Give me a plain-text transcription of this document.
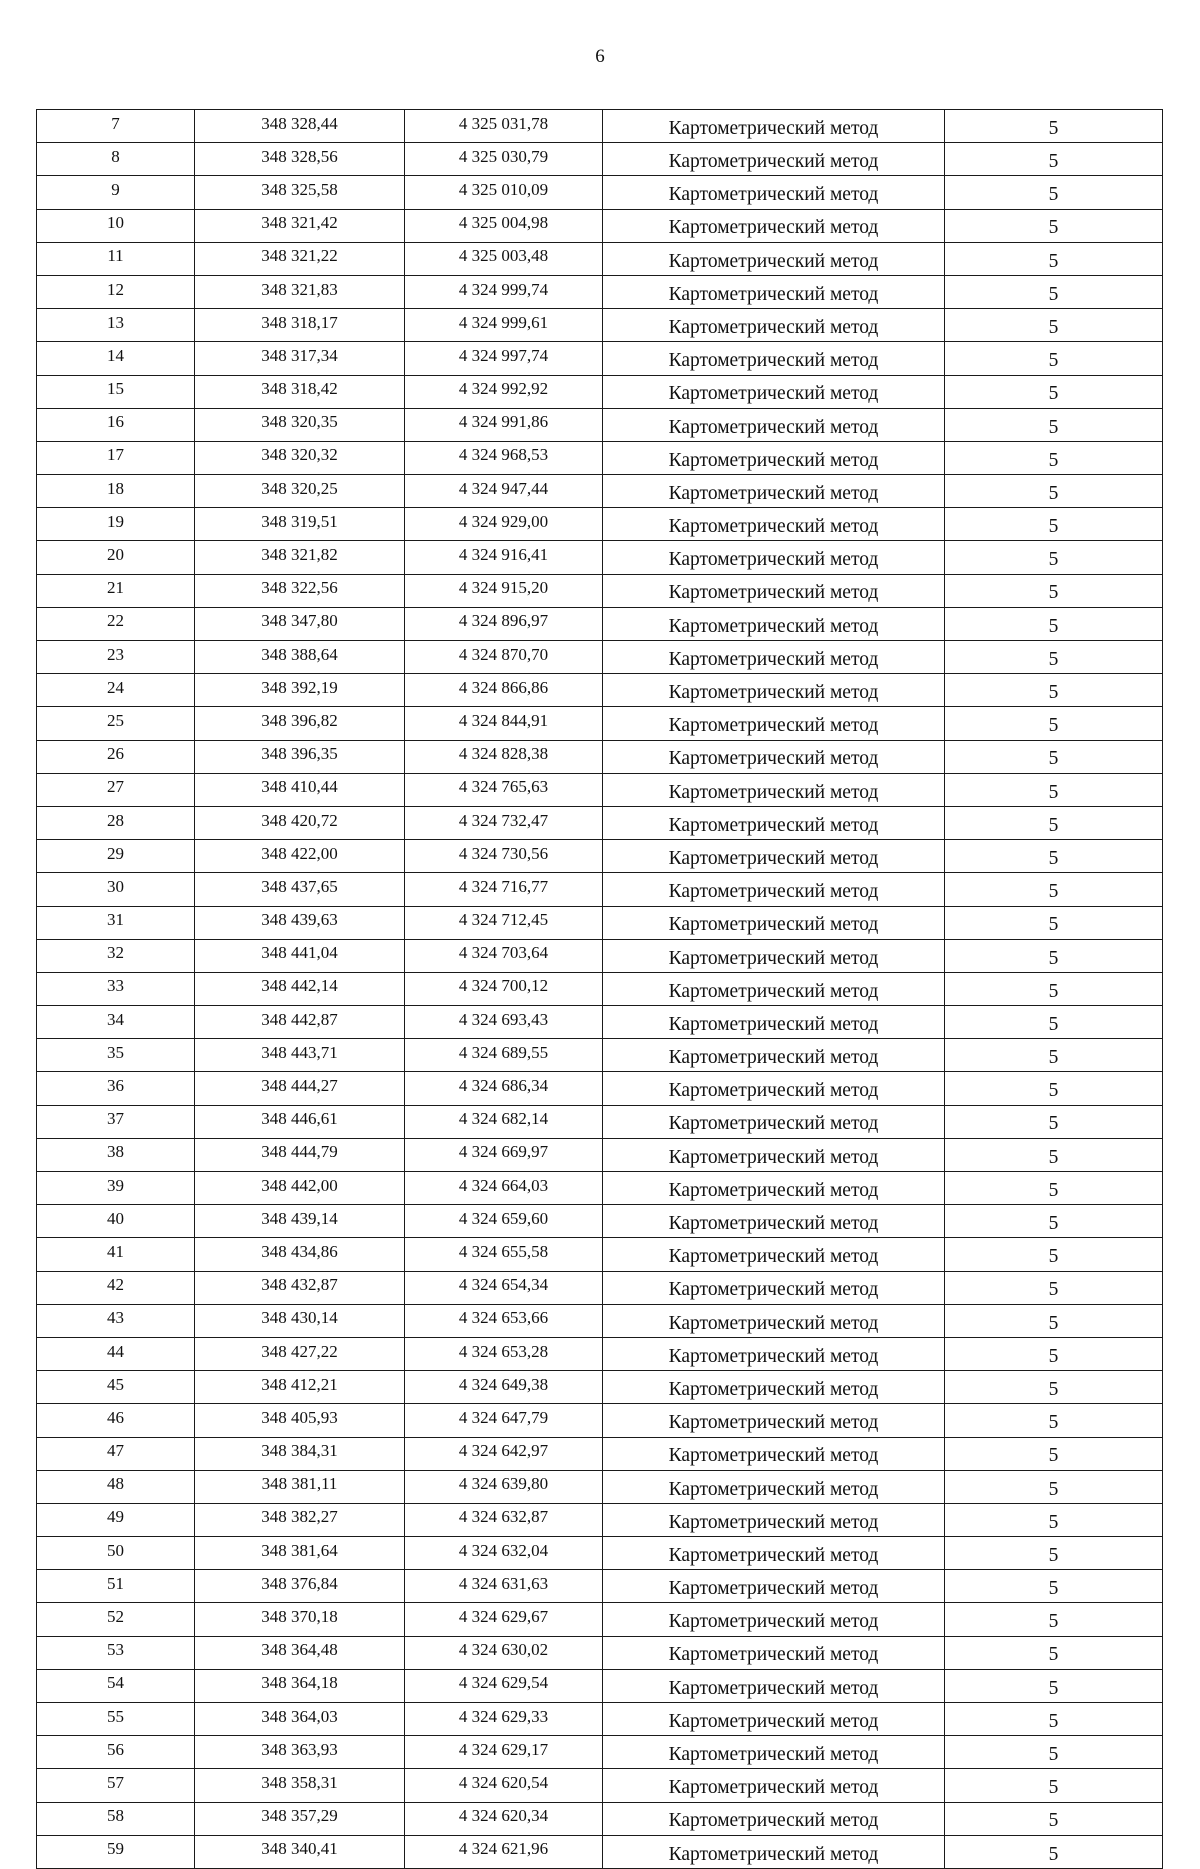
6
7	348 328,44	4 325 031,78	Картометрический метод	5
8	348 328,56	4 325 030,79	Картометрический метод	5
9	348 325,58	4 325 010,09	Картометрический метод	5
10	348 321,42	4 325 004,98	Картометрический метод	5
11	348 321,22	4 325 003,48	Картометрический метод	5
12	348 321,83	4 324 999,74	Картометрический метод	5
13	348 318,17	4 324 999,61	Картометрический метод	5
14	348 317,34	4 324 997,74	Картометрический метод	5
15	348 318,42	4 324 992,92	Картометрический метод	5
16	348 320,35	4 324 991,86	Картометрический метод	5
17	348 320,32	4 324 968,53	Картометрический метод	5
18	348 320,25	4 324 947,44	Картометрический метод	5
19	348 319,51	4 324 929,00	Картометрический метод	5
20	348 321,82	4 324 916,41	Картометрический метод	5
21	348 322,56	4 324 915,20	Картометрический метод	5
22	348 347,80	4 324 896,97	Картометрический метод	5
23	348 388,64	4 324 870,70	Картометрический метод	5
24	348 392,19	4 324 866,86	Картометрический метод	5
25	348 396,82	4 324 844,91	Картометрический метод	5
26	348 396,35	4 324 828,38	Картометрический метод	5
27	348 410,44	4 324 765,63	Картометрический метод	5
28	348 420,72	4 324 732,47	Картометрический метод	5
29	348 422,00	4 324 730,56	Картометрический метод	5
30	348 437,65	4 324 716,77	Картометрический метод	5
31	348 439,63	4 324 712,45	Картометрический метод	5
32	348 441,04	4 324 703,64	Картометрический метод	5
33	348 442,14	4 324 700,12	Картометрический метод	5
34	348 442,87	4 324 693,43	Картометрический метод	5
35	348 443,71	4 324 689,55	Картометрический метод	5
36	348 444,27	4 324 686,34	Картометрический метод	5
37	348 446,61	4 324 682,14	Картометрический метод	5
38	348 444,79	4 324 669,97	Картометрический метод	5
39	348 442,00	4 324 664,03	Картометрический метод	5
40	348 439,14	4 324 659,60	Картометрический метод	5
41	348 434,86	4 324 655,58	Картометрический метод	5
42	348 432,87	4 324 654,34	Картометрический метод	5
43	348 430,14	4 324 653,66	Картометрический метод	5
44	348 427,22	4 324 653,28	Картометрический метод	5
45	348 412,21	4 324 649,38	Картометрический метод	5
46	348 405,93	4 324 647,79	Картометрический метод	5
47	348 384,31	4 324 642,97	Картометрический метод	5
48	348 381,11	4 324 639,80	Картометрический метод	5
49	348 382,27	4 324 632,87	Картометрический метод	5
50	348 381,64	4 324 632,04	Картометрический метод	5
51	348 376,84	4 324 631,63	Картометрический метод	5
52	348 370,18	4 324 629,67	Картометрический метод	5
53	348 364,48	4 324 630,02	Картометрический метод	5
54	348 364,18	4 324 629,54	Картометрический метод	5
55	348 364,03	4 324 629,33	Картометрический метод	5
56	348 363,93	4 324 629,17	Картометрический метод	5
57	348 358,31	4 324 620,54	Картометрический метод	5
58	348 357,29	4 324 620,34	Картометрический метод	5
59	348 340,41	4 324 621,96	Картометрический метод	5
